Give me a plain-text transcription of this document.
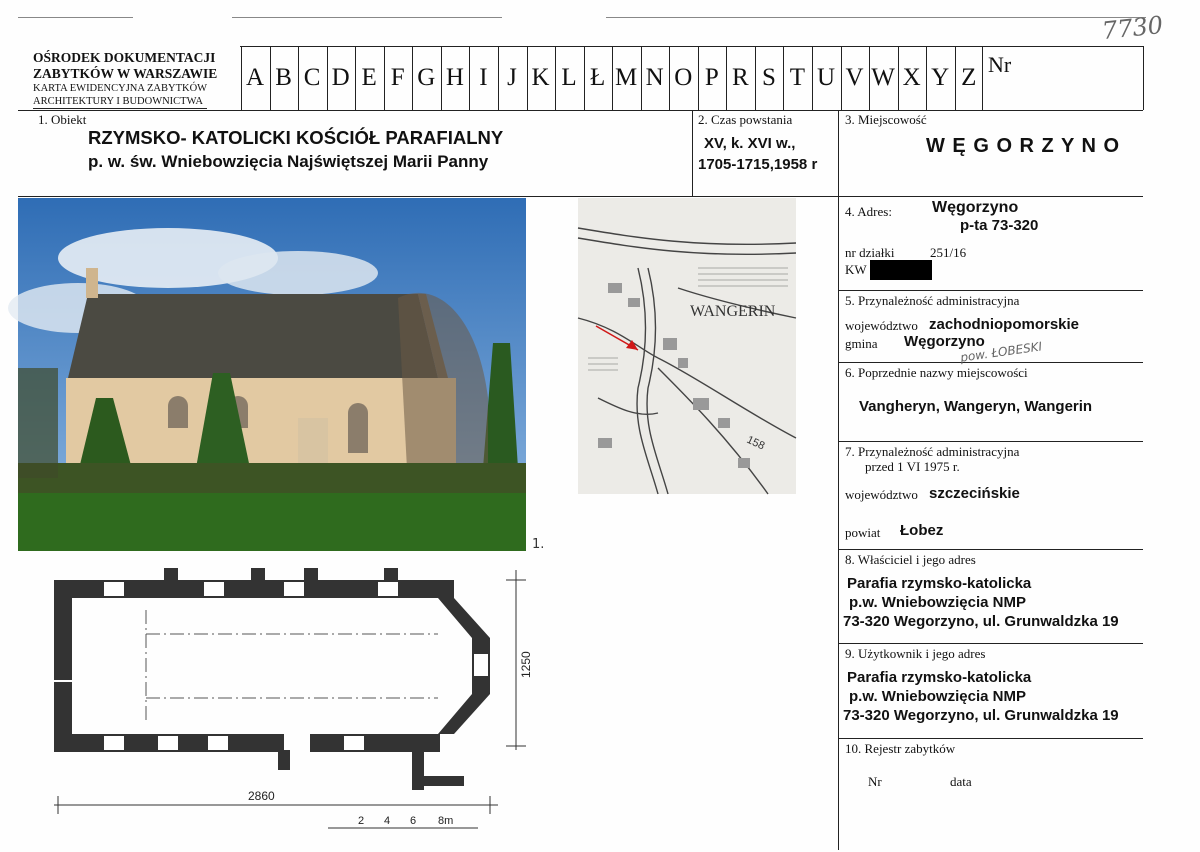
7730
OŚRODEK DOKUMENTACJI
ZABYTKÓW W WARSZAWIE
KARTA EWIDENCYJNA ZABYTKÓW
ARCHITEKTURY I BUDOWNICTWA
A B C D E F G H I J K L Ł M N O P R S T U V W X Y Z Nr
1. Obiekt
RZYMSKO- KATOLICKI KOŚCIÓŁ PARAFIALNY
p. w. św. Wniebowzięcia Najświętszej Marii Panny
2. Czas powstania
XV, k. XVI w.,
1705-1715,1958 r
3. Miejscowość
W Ę G O R Z Y N O
1.
WANGERIN
158
1250
2860
2 4 6 8m
4. Adres:	Węgorzyno
p-ta 73-320
nr działki	251/16
KW
5. Przynależność administracyjna
województwo zachodniopomorskie
gmina Węgorzyno
pow. ŁOBESKI
6. Poprzednie nazwy miejscowości
Vangheryn, Wangeryn, Wangerin
7. Przynależność administracyjna
przed 1 VI 1975 r.
województwo szczecińskie
powiat Łobez
8. Właściciel i jego adres
Parafia rzymsko-katolicka
p.w. Wniebowzięcia NMP
73-320 Wegorzyno, ul. Grunwaldzka 19
9. Użytkownik i jego adres
Parafia rzymsko-katolicka
p.w. Wniebowzięcia NMP
73-320 Wegorzyno, ul. Grunwaldzka 19
10. Rejestr zabytków
Nr	data
